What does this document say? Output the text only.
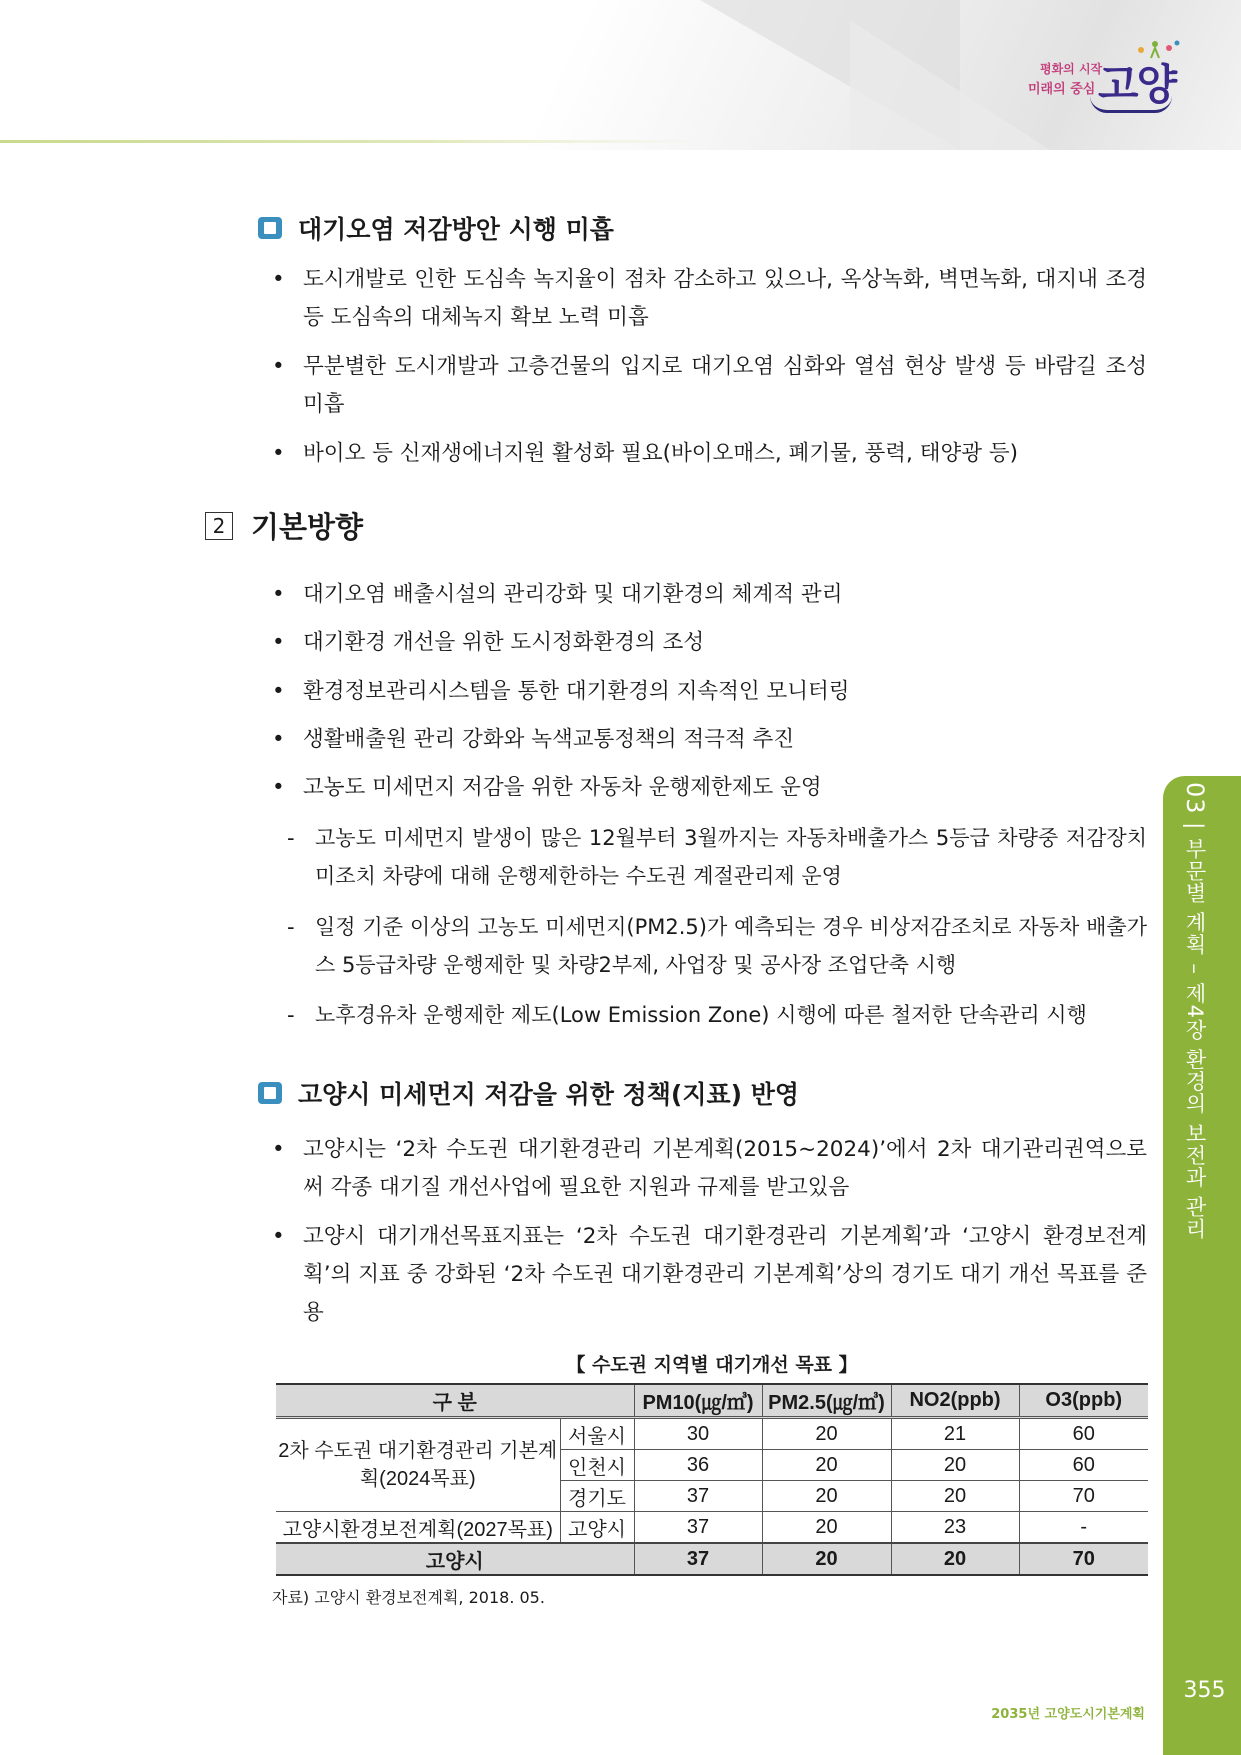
평화의 시작
미래의 중심 고양
대기오염 저감방안 시행 미흡
• 도시개발로 인한 도심속 녹지율이 점차 감소하고 있으나, 옥상녹화, 벽면녹화, 대지내 조경 등 도심속의 대체녹지 확보 노력 미흡
• 무분별한 도시개발과 고층건물의 입지로 대기오염 심화와 열섬 현상 발생 등 바람길 조성 미흡
• 바이오 등 신재생에너지원 활성화 필요(바이오매스, 폐기물, 풍력, 태양광 등)
2 기본방향
• 대기오염 배출시설의 관리강화 및 대기환경의 체계적 관리
• 대기환경 개선을 위한 도시정화환경의 조성
• 환경정보관리시스템을 통한 대기환경의 지속적인 모니터링
• 생활배출원 관리 강화와 녹색교통정책의 적극적 추진
• 고농도 미세먼지 저감을 위한 자동차 운행제한제도 운영
- 고농도 미세먼지 발생이 많은 12월부터 3월까지는 자동차배출가스 5등급 차량중 저감장치 미조치 차량에 대해 운행제한하는 수도권 계절관리제 운영
- 일정 기준 이상의 고농도 미세먼지(PM2.5)가 예측되는 경우 비상저감조치로 자동차 배출가스 5등급차량 운행제한 및 차량2부제, 사업장 및 공사장 조업단축 시행
- 노후경유차 운행제한 제도(Low Emission Zone) 시행에 따른 철저한 단속관리 시행
고양시 미세먼지 저감을 위한 정책(지표) 반영
• 고양시는 ‘2차 수도권 대기환경관리 기본계획(2015~2024)’에서 2차 대기관리권역으로써 각종 대기질 개선사업에 필요한 지원과 규제를 받고있음
• 고양시 대기개선목표지표는 ‘2차 수도권 대기환경관리 기본계획’과 ‘고양시 환경보전계획’의 지표 중 강화된 ‘2차 수도권 대기환경관리 기본계획’상의 경기도 대기 개선 목표를 준용
【 수도권 지역별 대기개선 목표 】
구 분		PM10(㎍/㎥)	PM2.5(㎍/㎥)	NO2(ppb)	O3(ppb)
2차 수도권 대기환경관리 기본계획(2024목표)	서울시	30	20	21	60
	인천시	36	20	20	60
	경기도	37	20	20	70
고양시환경보전계획(2027목표)	고양시	37	20	23	-
고양시		37	20	20	70
자료) 고양시 환경보전계획, 2018. 05.
03 | 부문별 계획 – 제4장 환경의 보전과 관리
355
2035년 고양도시기본계획
